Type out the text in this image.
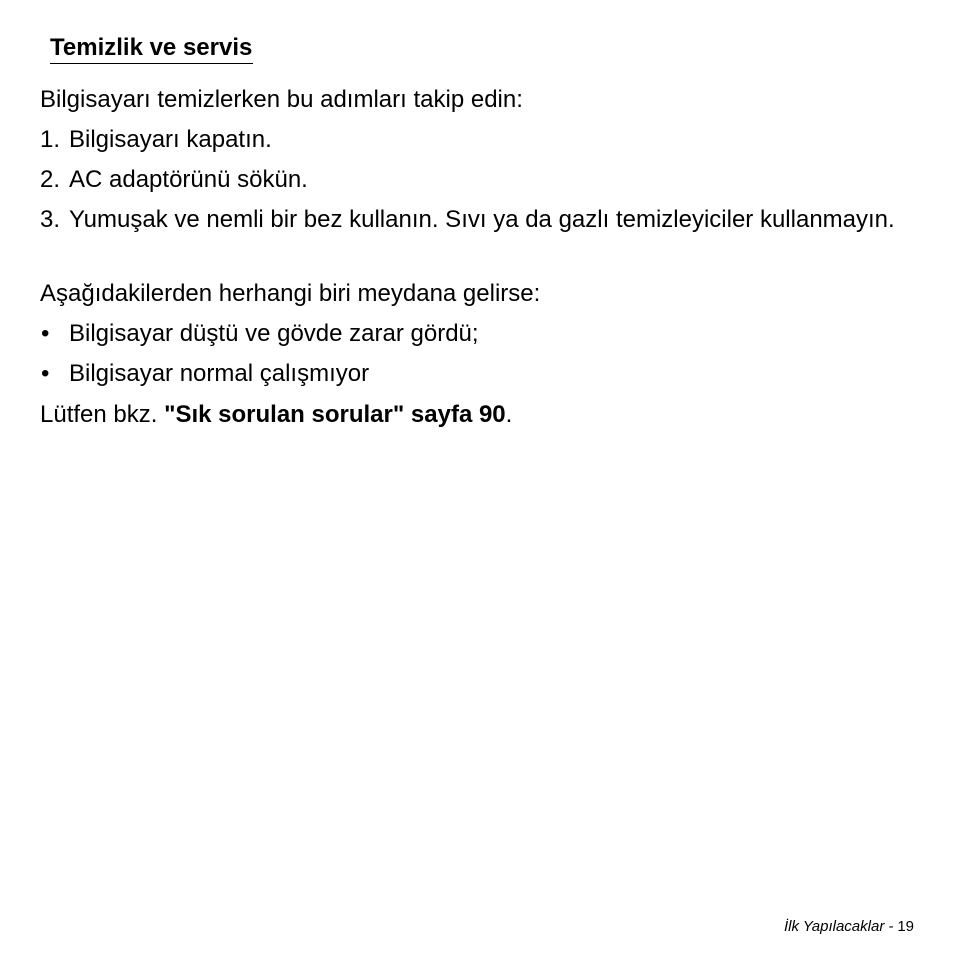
Temizlik ve servis

Bilgisayarı temizlerken bu adımları takip edin:

1. Bilgisayarı kapatın.
2. AC adaptörünü sökün.
3. Yumuşak ve nemli bir bez kullanın. Sıvı ya da gazlı temizleyiciler kullanmayın.

Aşağıdakilerden herhangi biri meydana gelirse:

• Bilgisayar düştü ve gövde zarar gördü;
• Bilgisayar normal çalışmıyor

Lütfen bkz. "Sık sorulan sorular" sayfa 90.

İlk Yapılacaklar - 19
